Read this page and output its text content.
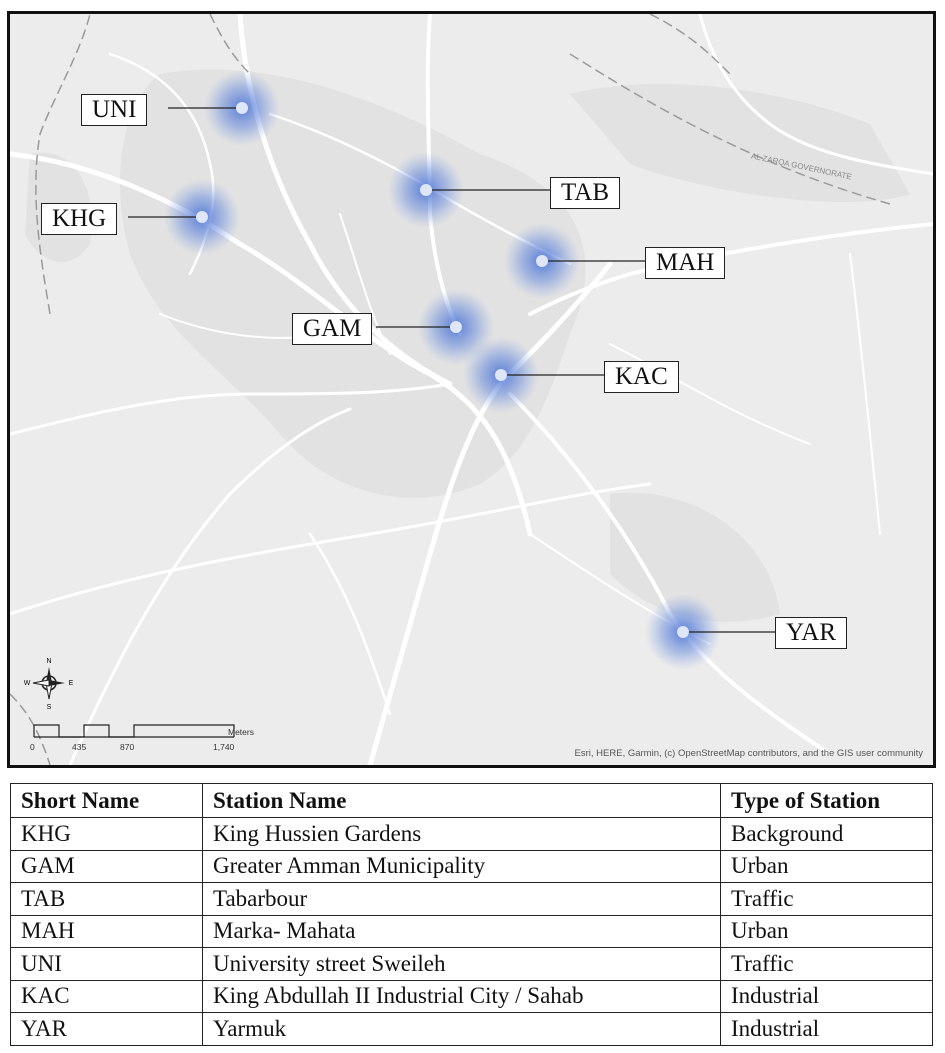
AL ZARQA GOVERNORATE
UNI
KHG
TAB
MAH
GAM
KAC
YAR
N
S
W	E
Meters
0	435	870	1,740
Esri, HERE, Garmin, (c) OpenStreetMap contributors, and the GIS user community
Short Name	Station Name	Type of Station
KHG	King Hussien Gardens	Background
GAM	Greater Amman Municipality	Urban
TAB	Tabarbour	Traffic
MAH	Marka- Mahata	Urban
UNI	University street Sweileh	Traffic
KAC	King Abdullah II Industrial City / Sahab	Industrial
YAR	Yarmuk	Industrial
